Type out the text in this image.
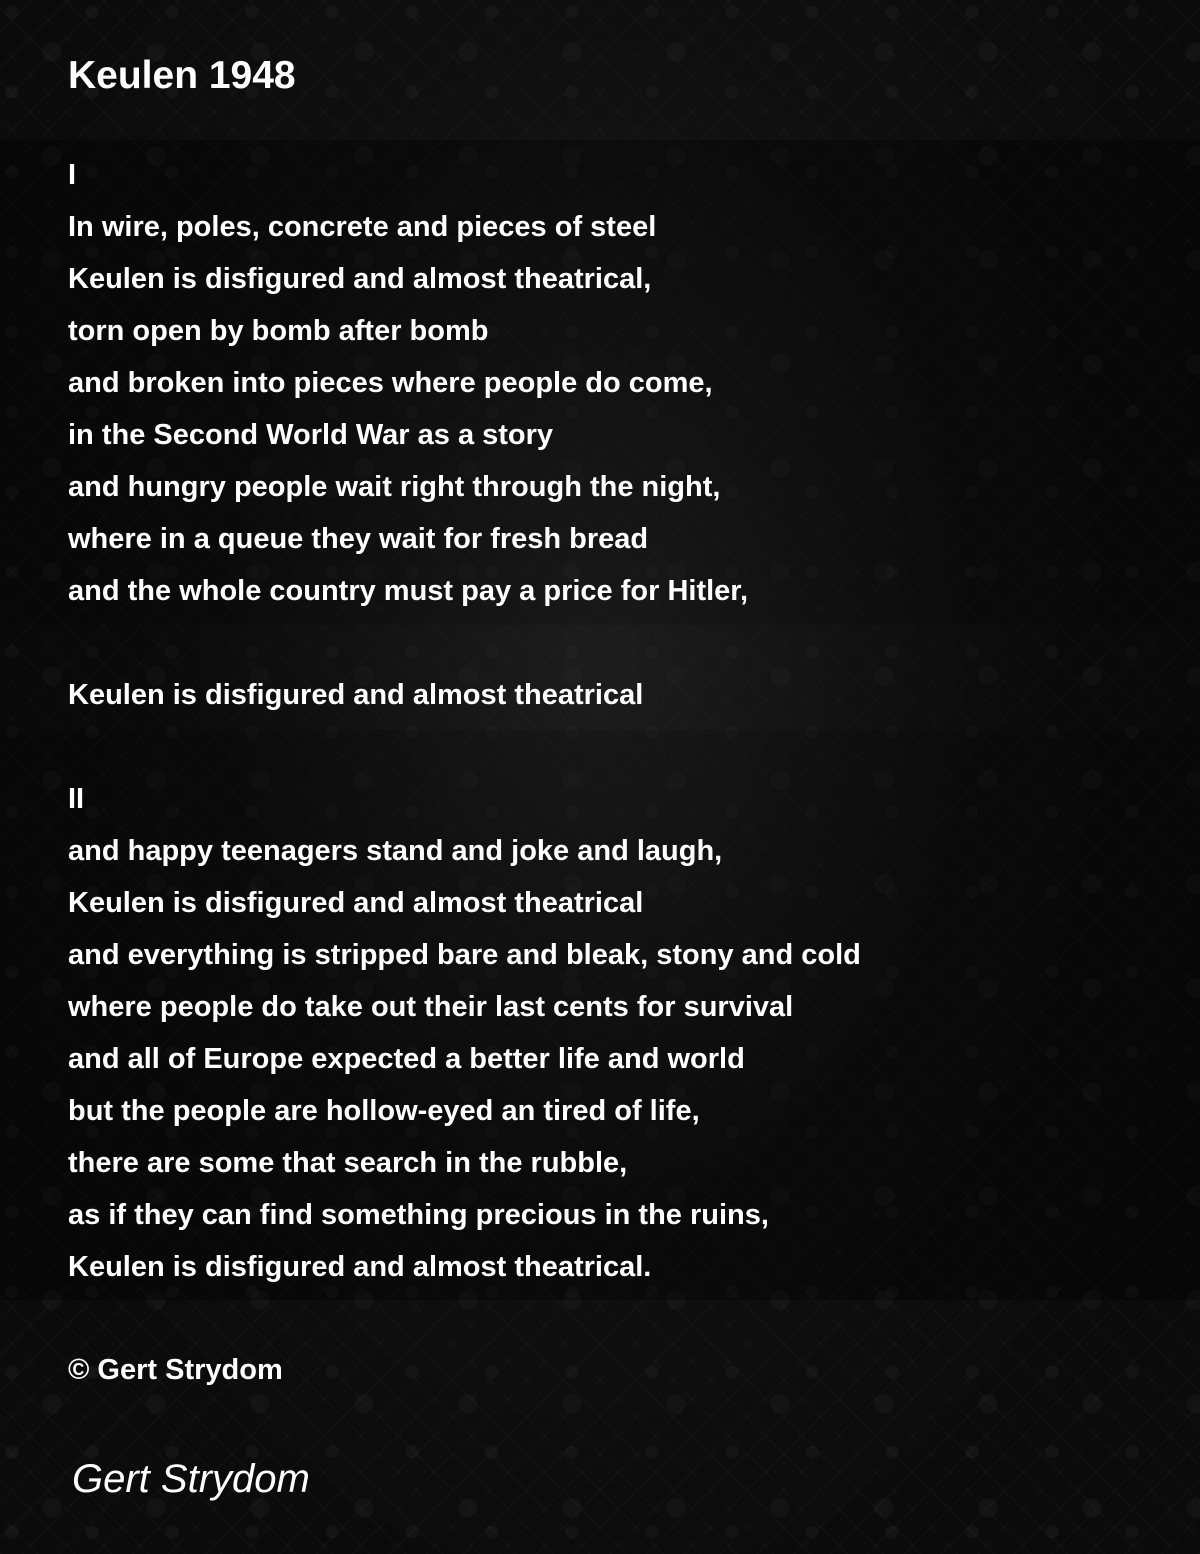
Keulen 1948

I

In wire, poles, concrete and pieces of steel

Keulen is disfigured and almost theatrical,

torn open by bomb after bomb

and broken into pieces where people do come,

in the Second World War as a story

and hungry people wait right through the night,

where in a queue they wait for fresh bread

and the whole country must pay a price for Hitler,

Keulen is disfigured and almost theatrical

II

and happy teenagers stand and joke and laugh,

Keulen is disfigured and almost theatrical

and everything is stripped bare and bleak, stony and cold

where people do take out their last cents for survival

and all of Europe expected a better life and world

but the people are hollow-eyed an tired of life,

there are some that search in the rubble,

as if they can find something precious in the ruins,

Keulen is disfigured and almost theatrical.

© Gert Strydom

Gert Strydom
